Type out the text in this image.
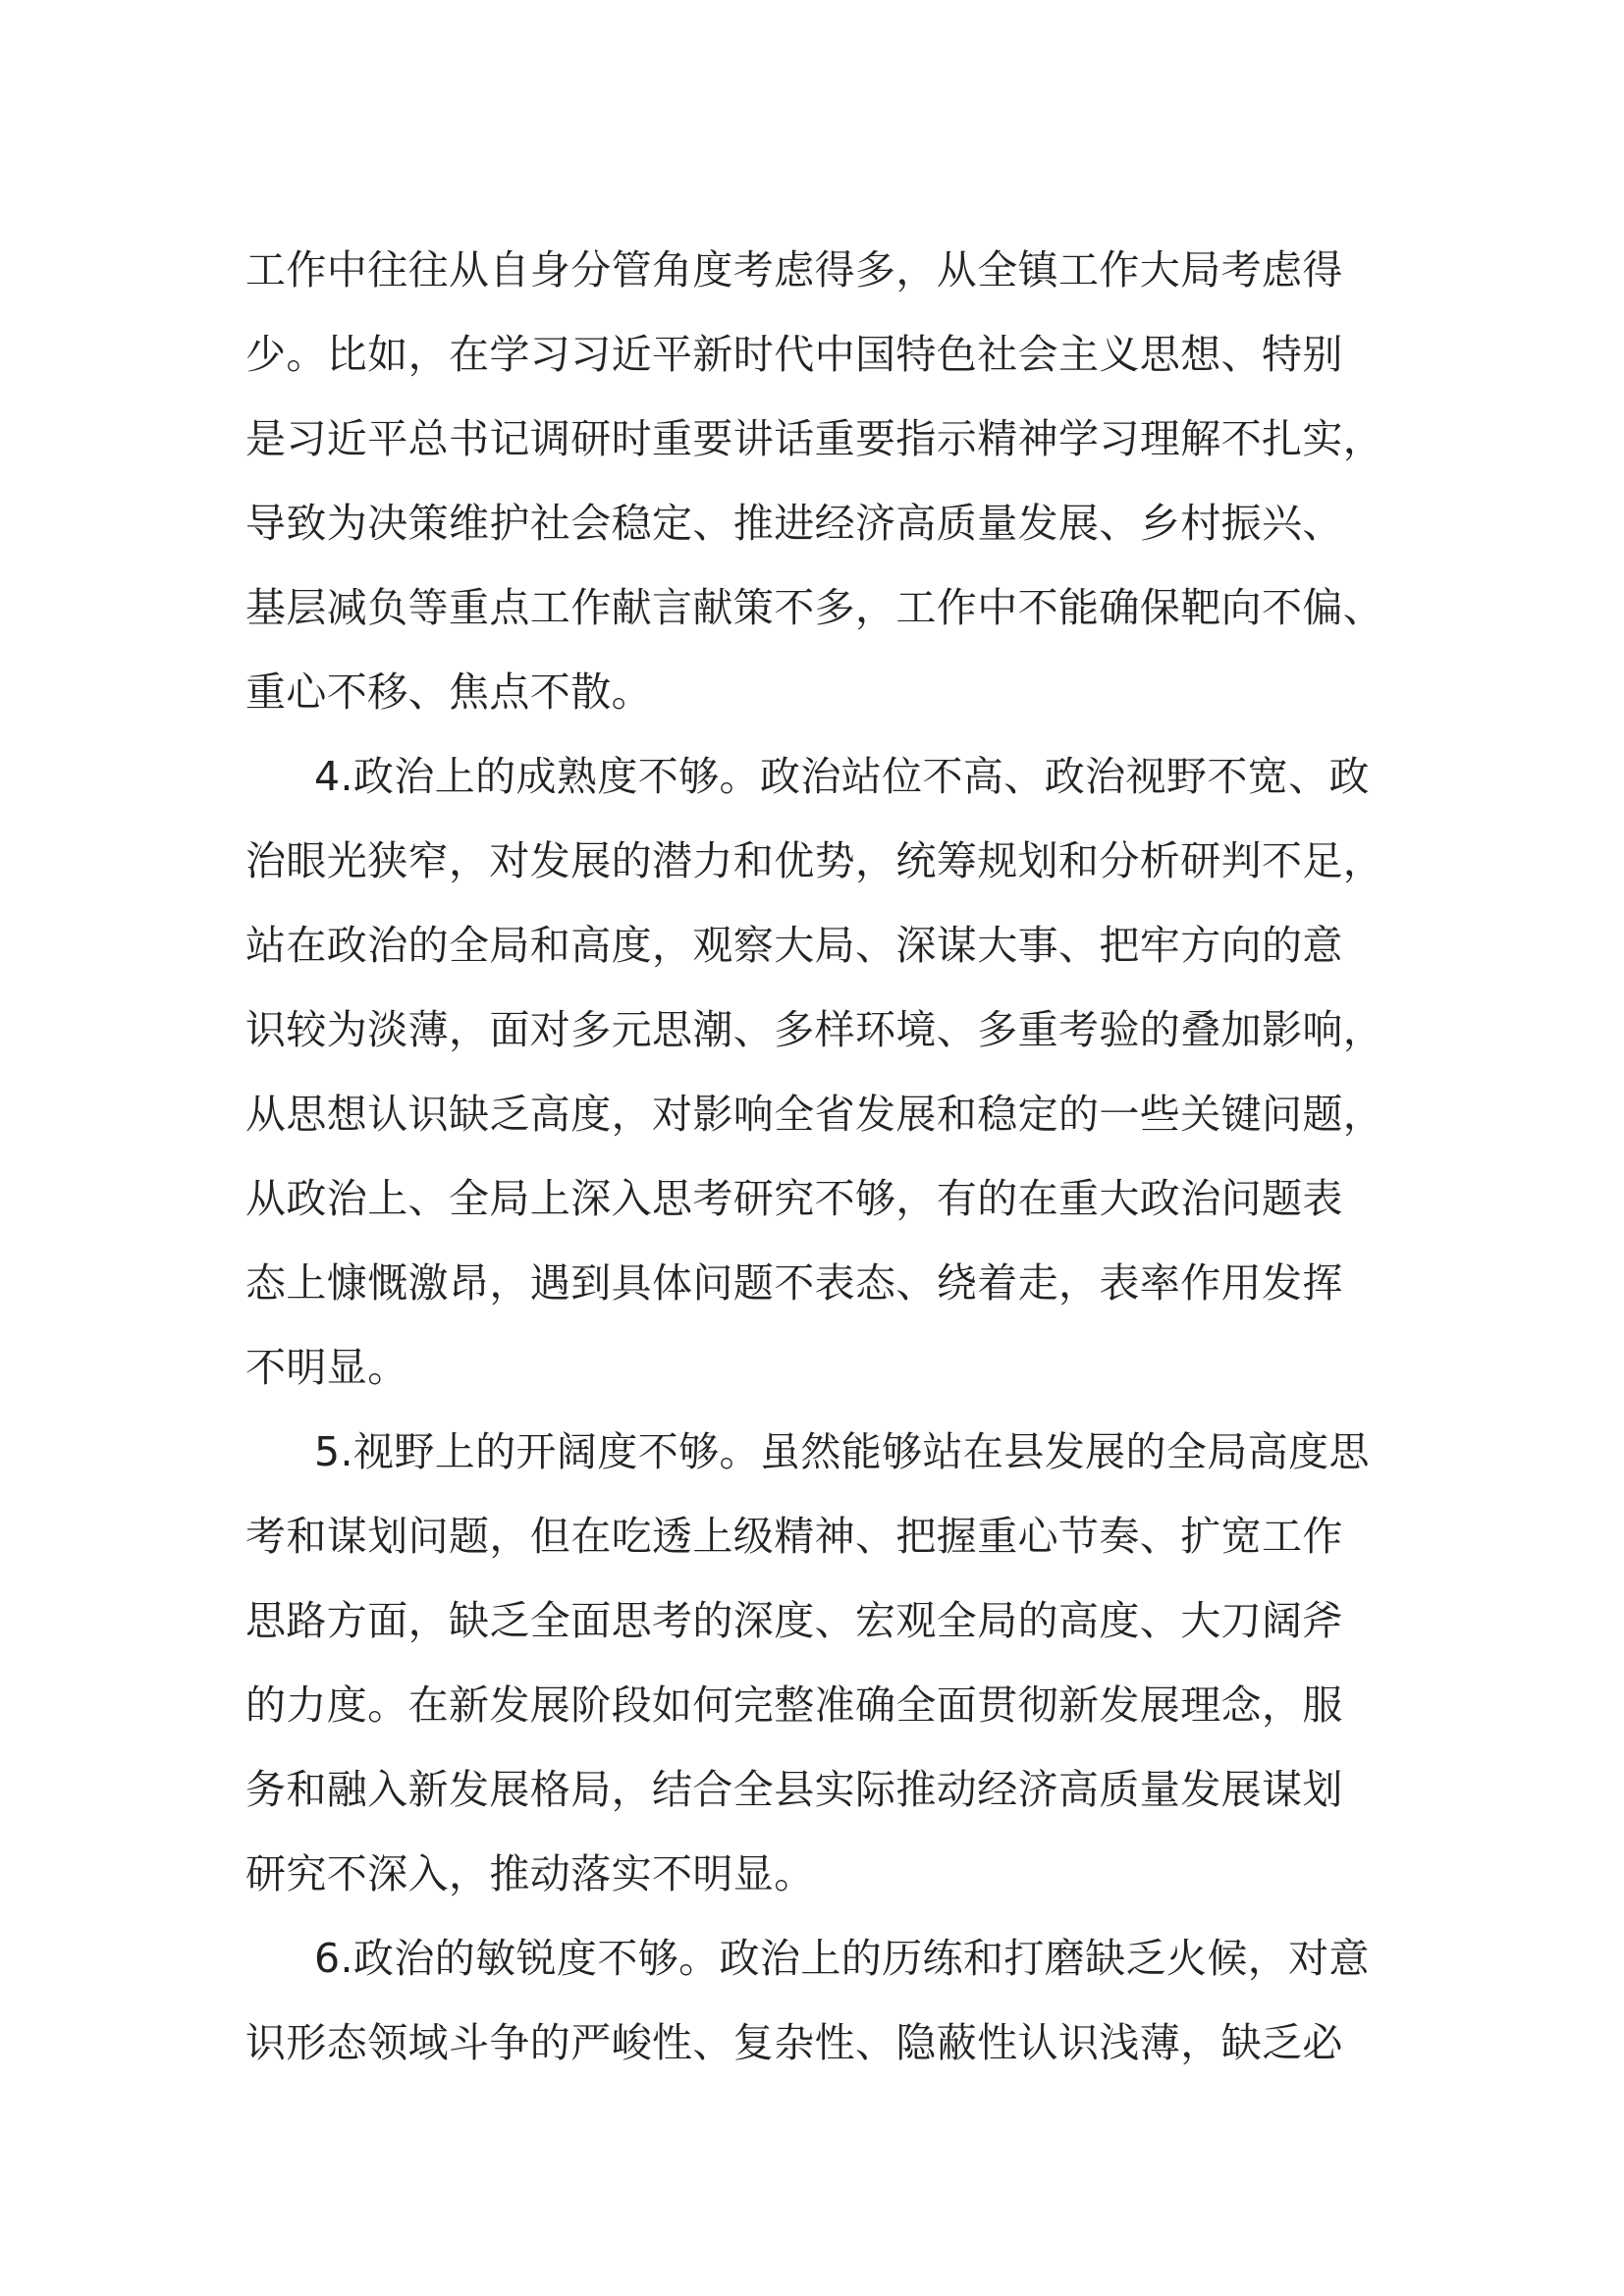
工作中往往从自身分管角度考虑得多，从全镇工作大局考虑得
少。比如，在学习习近平新时代中国特色社会主义思想、特别
是习近平总书记调研时重要讲话重要指示精神学习理解不扎实，
导致为决策维护社会稳定、推进经济高质量发展、乡村振兴、
基层减负等重点工作献言献策不多，工作中不能确保靶向不偏、
重心不移、焦点不散。
4.政治上的成熟度不够。政治站位不高、政治视野不宽、政
治眼光狭窄，对发展的潜力和优势，统筹规划和分析研判不足，
站在政治的全局和高度，观察大局、深谋大事、把牢方向的意
识较为淡薄，面对多元思潮、多样环境、多重考验的叠加影响，
从思想认识缺乏高度，对影响全省发展和稳定的一些关键问题，
从政治上、全局上深入思考研究不够，有的在重大政治问题表
态上慷慨激昂，遇到具体问题不表态、绕着走，表率作用发挥
不明显。
5.视野上的开阔度不够。虽然能够站在县发展的全局高度思
考和谋划问题，但在吃透上级精神、把握重心节奏、扩宽工作
思路方面，缺乏全面思考的深度、宏观全局的高度、大刀阔斧
的力度。在新发展阶段如何完整准确全面贯彻新发展理念，服
务和融入新发展格局，结合全县实际推动经济高质量发展谋划
研究不深入，推动落实不明显。
6.政治的敏锐度不够。政治上的历练和打磨缺乏火候，对意
识形态领域斗争的严峻性、复杂性、隐蔽性认识浅薄，缺乏必
